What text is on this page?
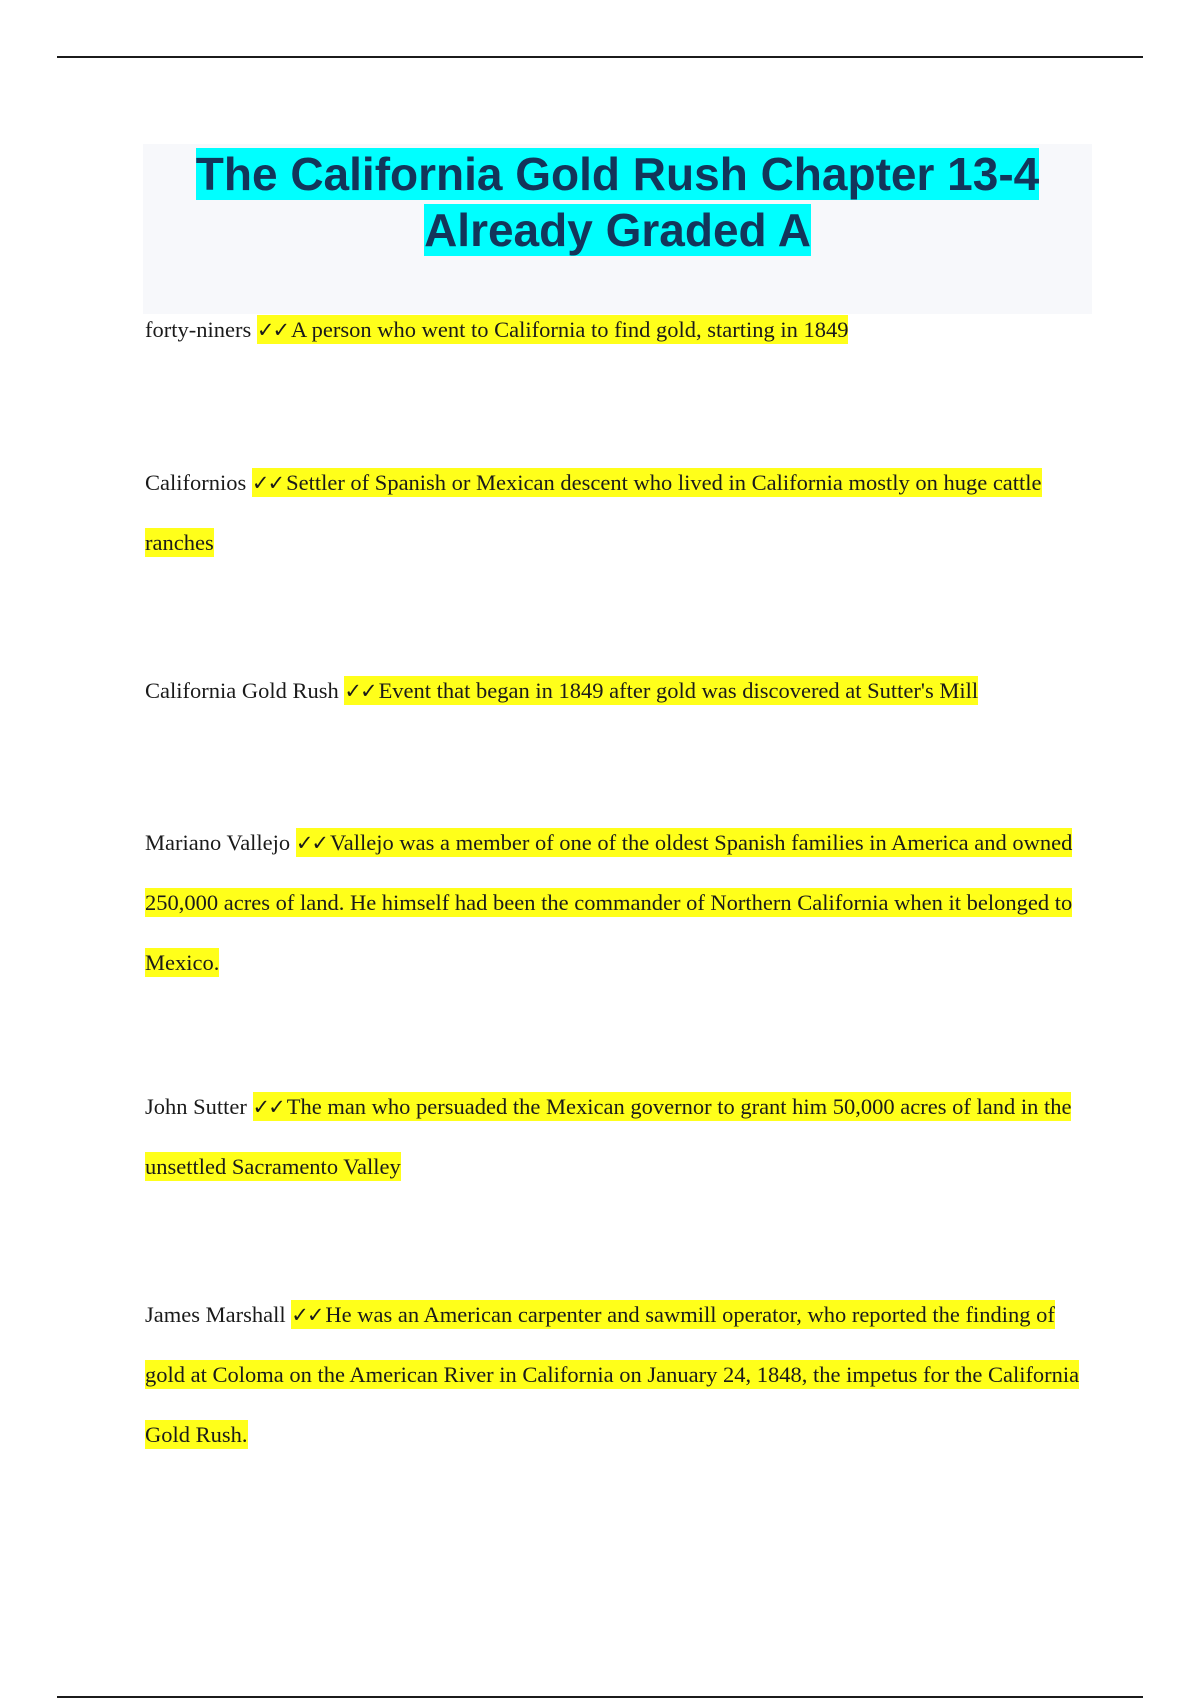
The California Gold Rush Chapter 13-4 Already Graded A

forty-niners ✓✓ A person who went to California to find gold, starting in 1849

Californios ✓✓ Settler of Spanish or Mexican descent who lived in California mostly on huge cattle ranches

California Gold Rush ✓✓ Event that began in 1849 after gold was discovered at Sutter's Mill

Mariano Vallejo ✓✓ Vallejo was a member of one of the oldest Spanish families in America and owned 250,000 acres of land. He himself had been the commander of Northern California when it belonged to Mexico.

John Sutter ✓✓ The man who persuaded the Mexican governor to grant him 50,000 acres of land in the unsettled Sacramento Valley

James Marshall ✓✓ He was an American carpenter and sawmill operator, who reported the finding of gold at Coloma on the American River in California on January 24, 1848, the impetus for the California Gold Rush.
